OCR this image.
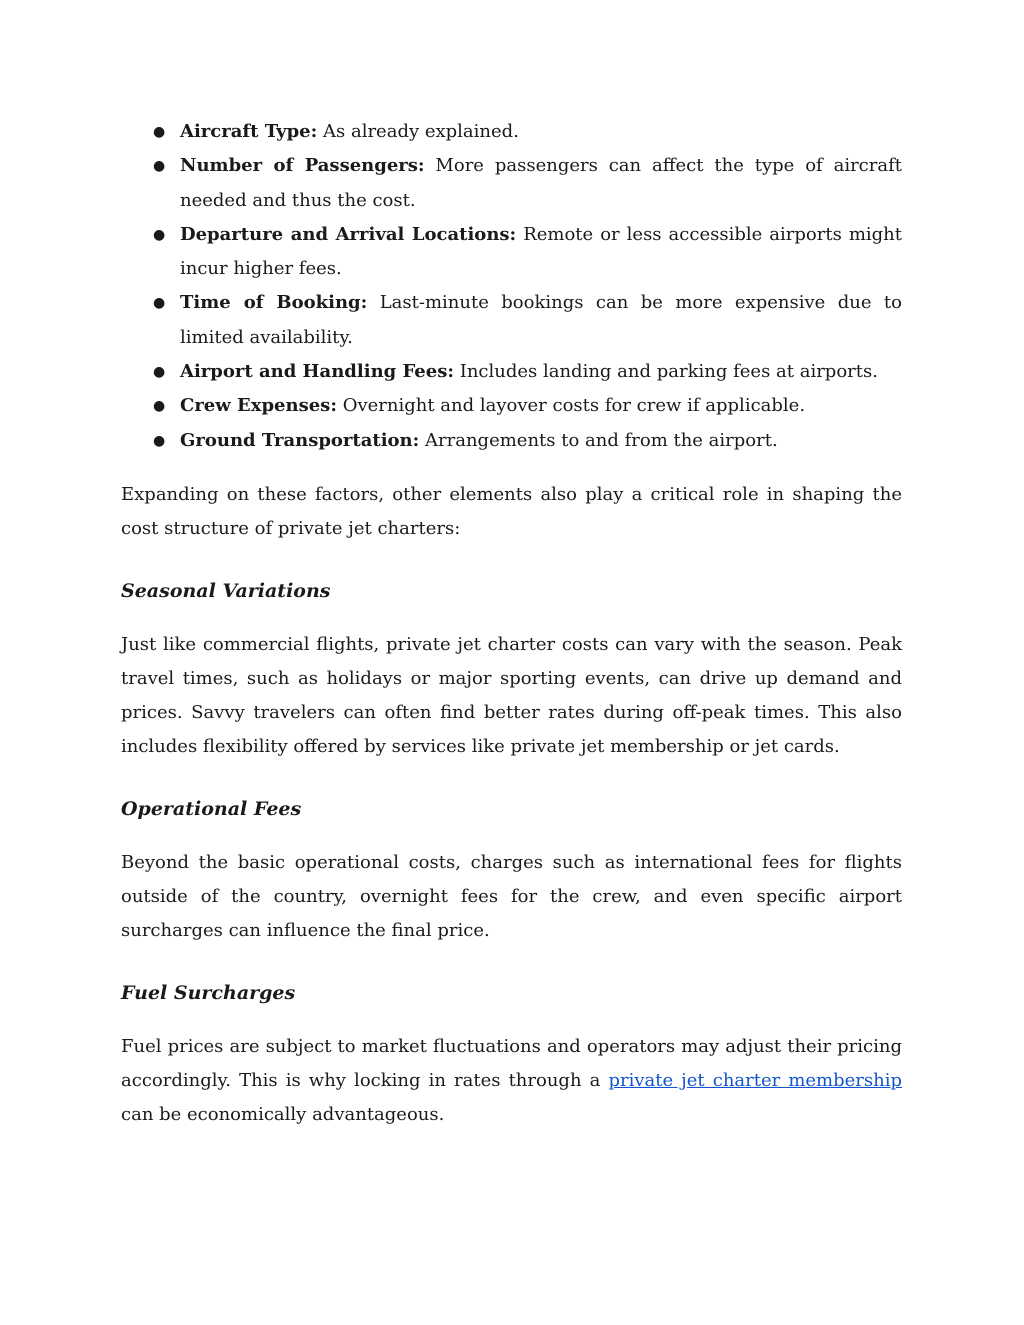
● Aircraft Type: As already explained.
● Number of Passengers: More passengers can affect the type of aircraft needed and thus the cost.
● Departure and Arrival Locations: Remote or less accessible airports might incur higher fees.
● Time of Booking: Last-minute bookings can be more expensive due to limited availability.
● Airport and Handling Fees: Includes landing and parking fees at airports.
● Crew Expenses: Overnight and layover costs for crew if applicable.
● Ground Transportation: Arrangements to and from the airport.

Expanding on these factors, other elements also play a critical role in shaping the cost structure of private jet charters:

Seasonal Variations

Just like commercial flights, private jet charter costs can vary with the season. Peak travel times, such as holidays or major sporting events, can drive up demand and prices. Savvy travelers can often find better rates during off-peak times. This also includes flexibility offered by services like private jet membership or jet cards.

Operational Fees

Beyond the basic operational costs, charges such as international fees for flights outside of the country, overnight fees for the crew, and even specific airport surcharges can influence the final price.

Fuel Surcharges

Fuel prices are subject to market fluctuations and operators may adjust their pricing accordingly. This is why locking in rates through a private jet charter membership can be economically advantageous.
